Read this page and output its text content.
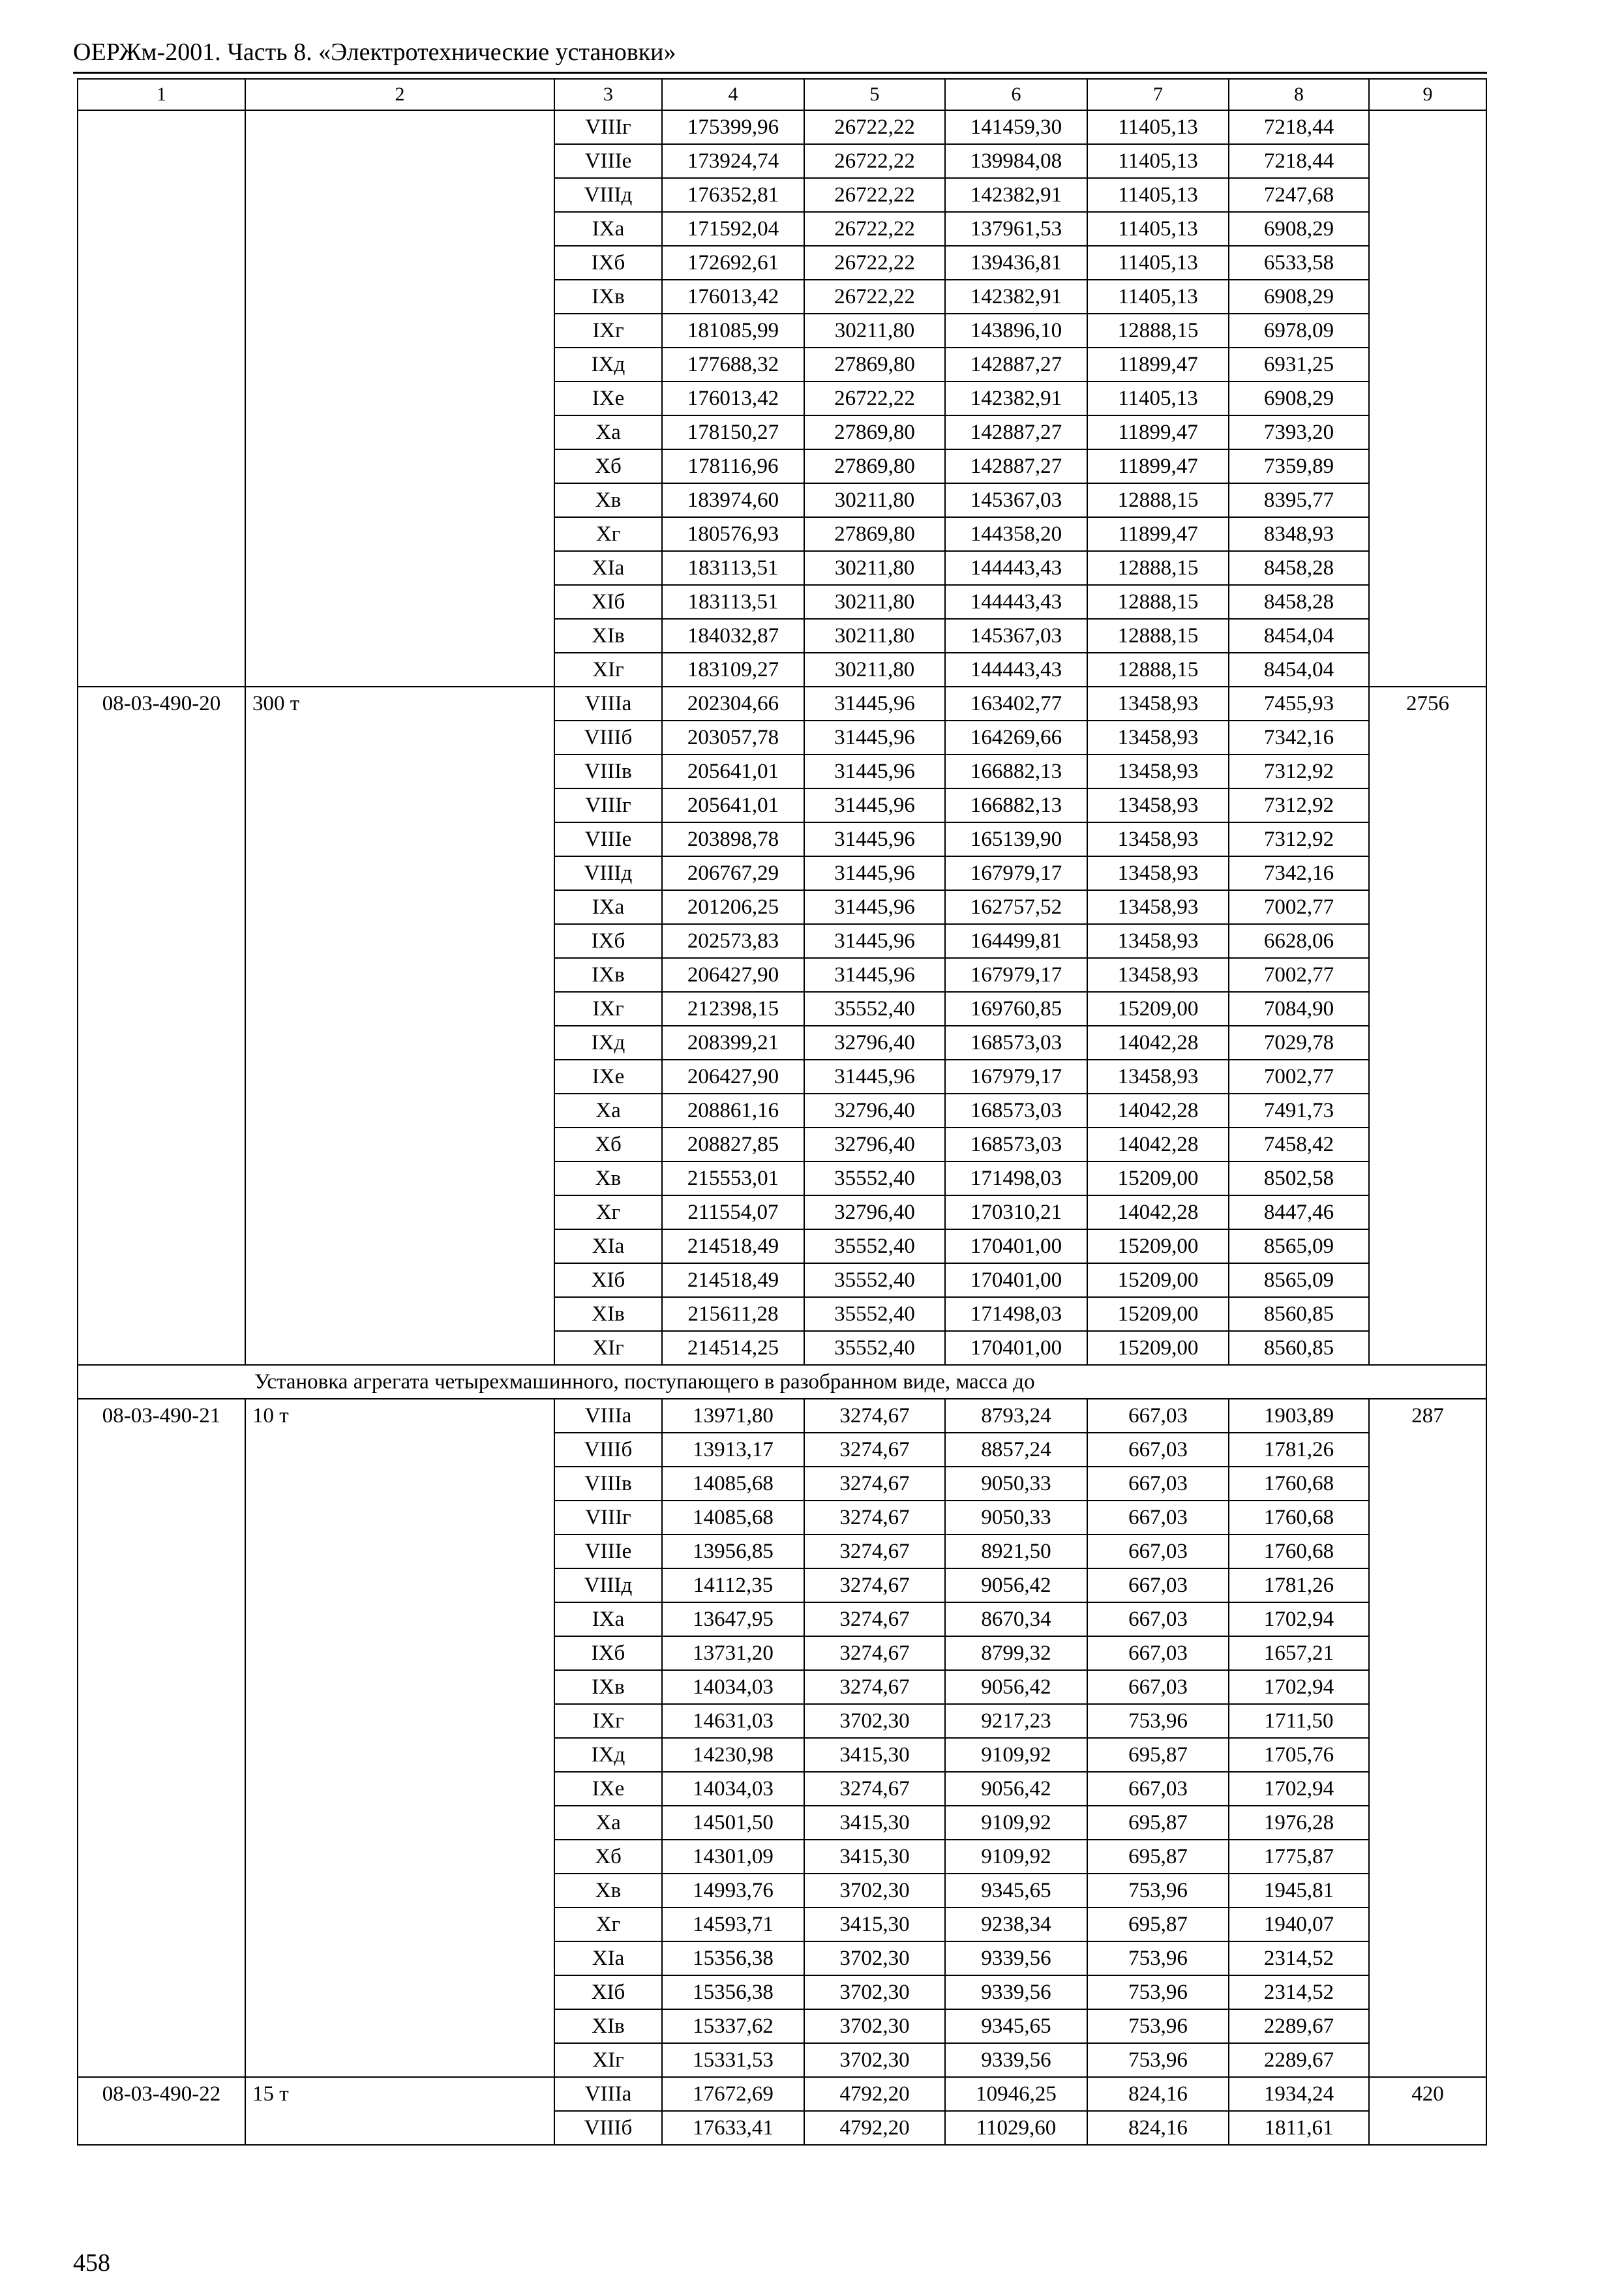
ОЕРЖм-2001. Часть 8. «Электротехнические установки»
1	2	3	4	5	6	7	8	9
		VIIIг	175399,96	26722,22	141459,30	11405,13	7218,44	
		VIIIе	173924,74	26722,22	139984,08	11405,13	7218,44	
		VIIIд	176352,81	26722,22	142382,91	11405,13	7247,68	
		IXа	171592,04	26722,22	137961,53	11405,13	6908,29	
		IXб	172692,61	26722,22	139436,81	11405,13	6533,58	
		IXв	176013,42	26722,22	142382,91	11405,13	6908,29	
		IXг	181085,99	30211,80	143896,10	12888,15	6978,09	
		IXд	177688,32	27869,80	142887,27	11899,47	6931,25	
		IXе	176013,42	26722,22	142382,91	11405,13	6908,29	
		Xа	178150,27	27869,80	142887,27	11899,47	7393,20	
		Xб	178116,96	27869,80	142887,27	11899,47	7359,89	
		Xв	183974,60	30211,80	145367,03	12888,15	8395,77	
		Xг	180576,93	27869,80	144358,20	11899,47	8348,93	
		XIа	183113,51	30211,80	144443,43	12888,15	8458,28	
		XIб	183113,51	30211,80	144443,43	12888,15	8458,28	
		XIв	184032,87	30211,80	145367,03	12888,15	8454,04	
		XIг	183109,27	30211,80	144443,43	12888,15	8454,04	
08-03-490-20	300 т	VIIIа	202304,66	31445,96	163402,77	13458,93	7455,93	2756
		VIIIб	203057,78	31445,96	164269,66	13458,93	7342,16	
		VIIIв	205641,01	31445,96	166882,13	13458,93	7312,92	
		VIIIг	205641,01	31445,96	166882,13	13458,93	7312,92	
		VIIIе	203898,78	31445,96	165139,90	13458,93	7312,92	
		VIIIд	206767,29	31445,96	167979,17	13458,93	7342,16	
		IXа	201206,25	31445,96	162757,52	13458,93	7002,77	
		IXб	202573,83	31445,96	164499,81	13458,93	6628,06	
		IXв	206427,90	31445,96	167979,17	13458,93	7002,77	
		IXг	212398,15	35552,40	169760,85	15209,00	7084,90	
		IXд	208399,21	32796,40	168573,03	14042,28	7029,78	
		IXе	206427,90	31445,96	167979,17	13458,93	7002,77	
		Xа	208861,16	32796,40	168573,03	14042,28	7491,73	
		Xб	208827,85	32796,40	168573,03	14042,28	7458,42	
		Xв	215553,01	35552,40	171498,03	15209,00	8502,58	
		Xг	211554,07	32796,40	170310,21	14042,28	8447,46	
		XIа	214518,49	35552,40	170401,00	15209,00	8565,09	
		XIб	214518,49	35552,40	170401,00	15209,00	8565,09	
		XIв	215611,28	35552,40	171498,03	15209,00	8560,85	
		XIг	214514,25	35552,40	170401,00	15209,00	8560,85	
Установка агрегата четырехмашинного, поступающего в разобранном виде, масса до								
08-03-490-21	10 т	VIIIа	13971,80	3274,67	8793,24	667,03	1903,89	287
		VIIIб	13913,17	3274,67	8857,24	667,03	1781,26	
		VIIIв	14085,68	3274,67	9050,33	667,03	1760,68	
		VIIIг	14085,68	3274,67	9050,33	667,03	1760,68	
		VIIIе	13956,85	3274,67	8921,50	667,03	1760,68	
		VIIIд	14112,35	3274,67	9056,42	667,03	1781,26	
		IXа	13647,95	3274,67	8670,34	667,03	1702,94	
		IXб	13731,20	3274,67	8799,32	667,03	1657,21	
		IXв	14034,03	3274,67	9056,42	667,03	1702,94	
		IXг	14631,03	3702,30	9217,23	753,96	1711,50	
		IXд	14230,98	3415,30	9109,92	695,87	1705,76	
		IXе	14034,03	3274,67	9056,42	667,03	1702,94	
		Xа	14501,50	3415,30	9109,92	695,87	1976,28	
		Xб	14301,09	3415,30	9109,92	695,87	1775,87	
		Xв	14993,76	3702,30	9345,65	753,96	1945,81	
		Xг	14593,71	3415,30	9238,34	695,87	1940,07	
		XIа	15356,38	3702,30	9339,56	753,96	2314,52	
		XIб	15356,38	3702,30	9339,56	753,96	2314,52	
		XIв	15337,62	3702,30	9345,65	753,96	2289,67	
		XIг	15331,53	3702,30	9339,56	753,96	2289,67	
08-03-490-22	15 т	VIIIа	17672,69	4792,20	10946,25	824,16	1934,24	420
		VIIIб	17633,41	4792,20	11029,60	824,16	1811,61	
458
